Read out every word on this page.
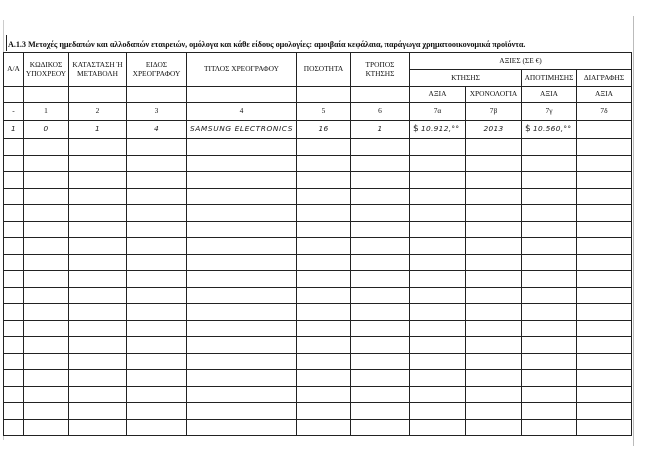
Α.1.3 Μετοχές ημεδαπών και αλλοδαπών εταιρειών, ομόλογα και κάθε είδους ομολογίες: αμοιβαία κεφάλαια, παράγωγα χρηματοοικονομικά προϊόντα.
Α/Α	ΚΩΔΙΚΟΣ ΥΠΟΧΡΕΟΥ	ΚΑΤΑΣΤΑΣΗ Ή ΜΕΤΑΒΟΛΗ	ΕΙΔΟΣ ΧΡΕΟΓΡΑΦΟΥ	ΤΙΤΛΟΣ ΧΡΕΟΓΡΑΦΟΥ	ΠΟΣΟΤΗΤΑ	ΤΡΟΠΟΣ ΚΤΗΣΗΣ	ΑΞΙΕΣ (ΣΕ €)			
							ΚΤΗΣΗΣ		ΑΠΟΤΙΜΗΣΗΣ	ΔΙΑΓΡΑΦΗΣ
							ΑΞΙΑ	ΧΡΟΝΟΛΟΓΙΑ	ΑΞΙΑ	ΑΞΙΑ
-	1	2	3	4	5	6	7α	7β	7γ	7δ
1	0	1	4	SAMSUNG ELECTRONICS	16	1	$ 10.912,°°	2013	$ 10.560,°°	
